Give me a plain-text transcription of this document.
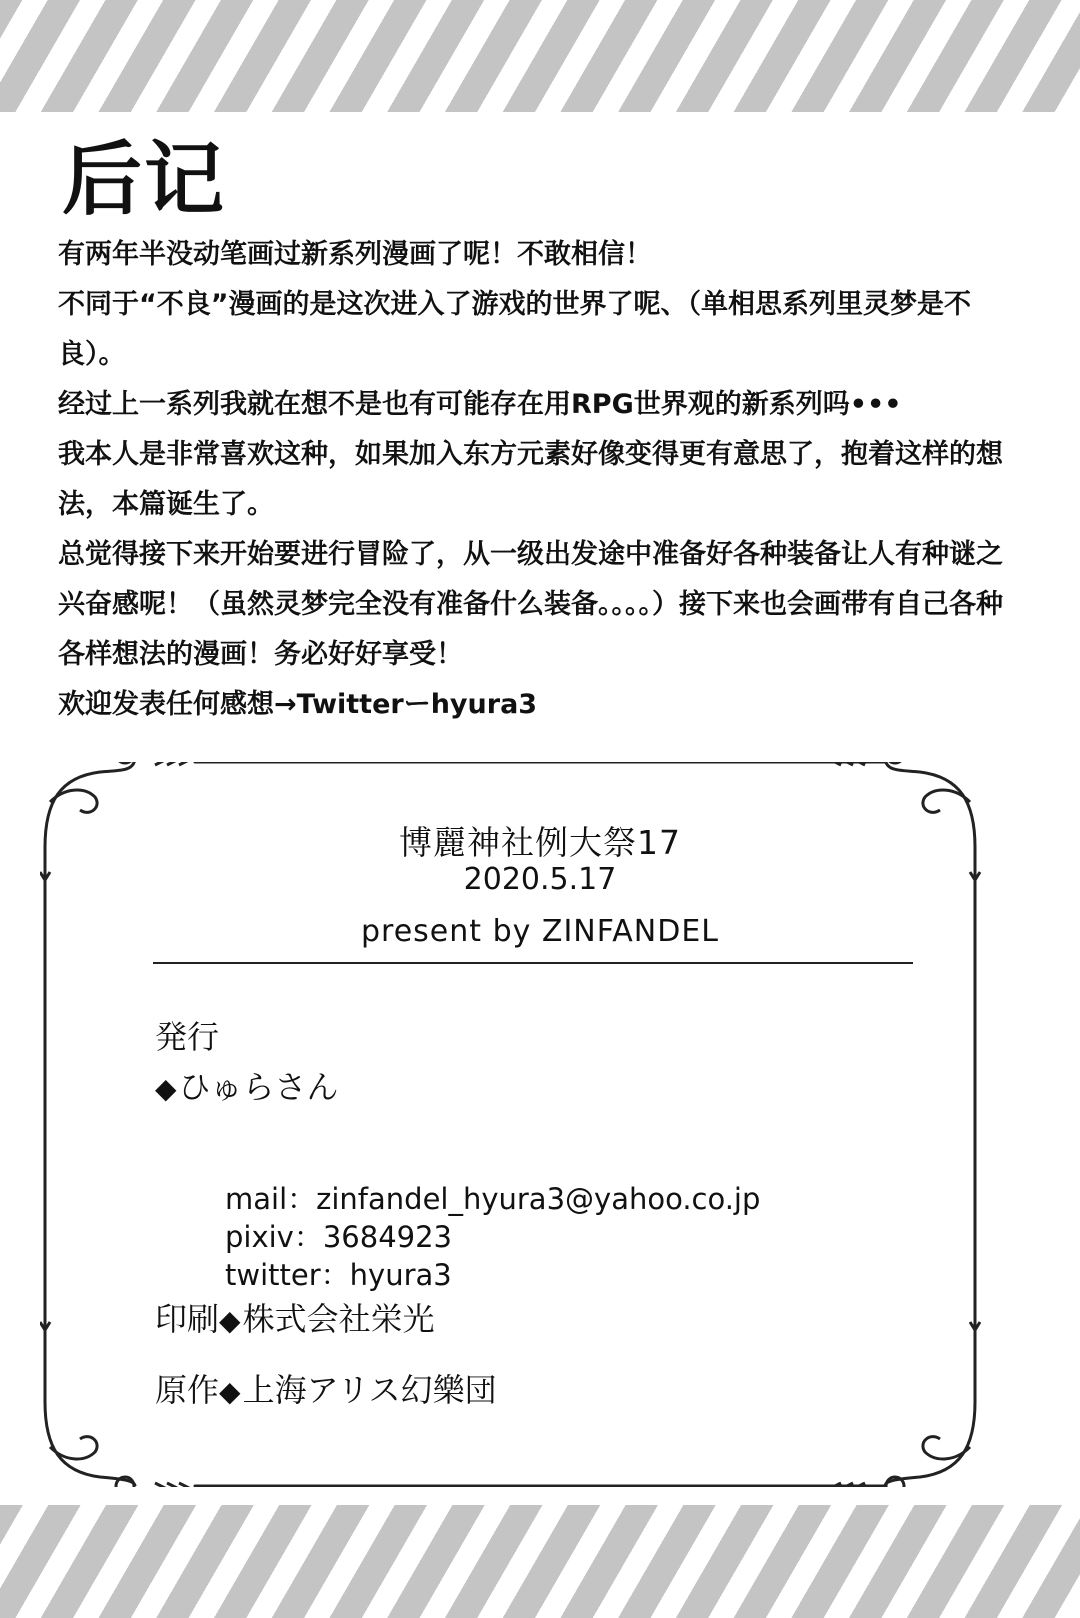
后记

有两年半没动笔画过新系列漫画了呢！不敢相信！

不同于“不良”漫画的是这次进入了游戏的世界了呢、（单相思系列里灵梦是不良）。

经过上一系列我就在想不是也有可能存在用RPG世界观的新系列吗•••

我本人是非常喜欢这种，如果加入东方元素好像变得更有意思了，抱着这样的想法，本篇诞生了。

总觉得接下来开始要进行冒险了，从一级出发途中准备好各种装备让人有种谜之兴奋感呢！（虽然灵梦完全没有准备什么装备。。。。）接下来也会画带有自己各种各样想法的漫画！务必好好享受！

欢迎发表任何感想→Twitterーhyura3

博麗神社例大祭17
2020.5.17
present by ZINFANDEL
発行
◆ひゅらさん
mail：zinfandel_hyura3@yahoo.co.jp
pixiv：3684923
twitter：hyura3
印刷◆株式会社栄光
原作◆上海アリス幻樂団
